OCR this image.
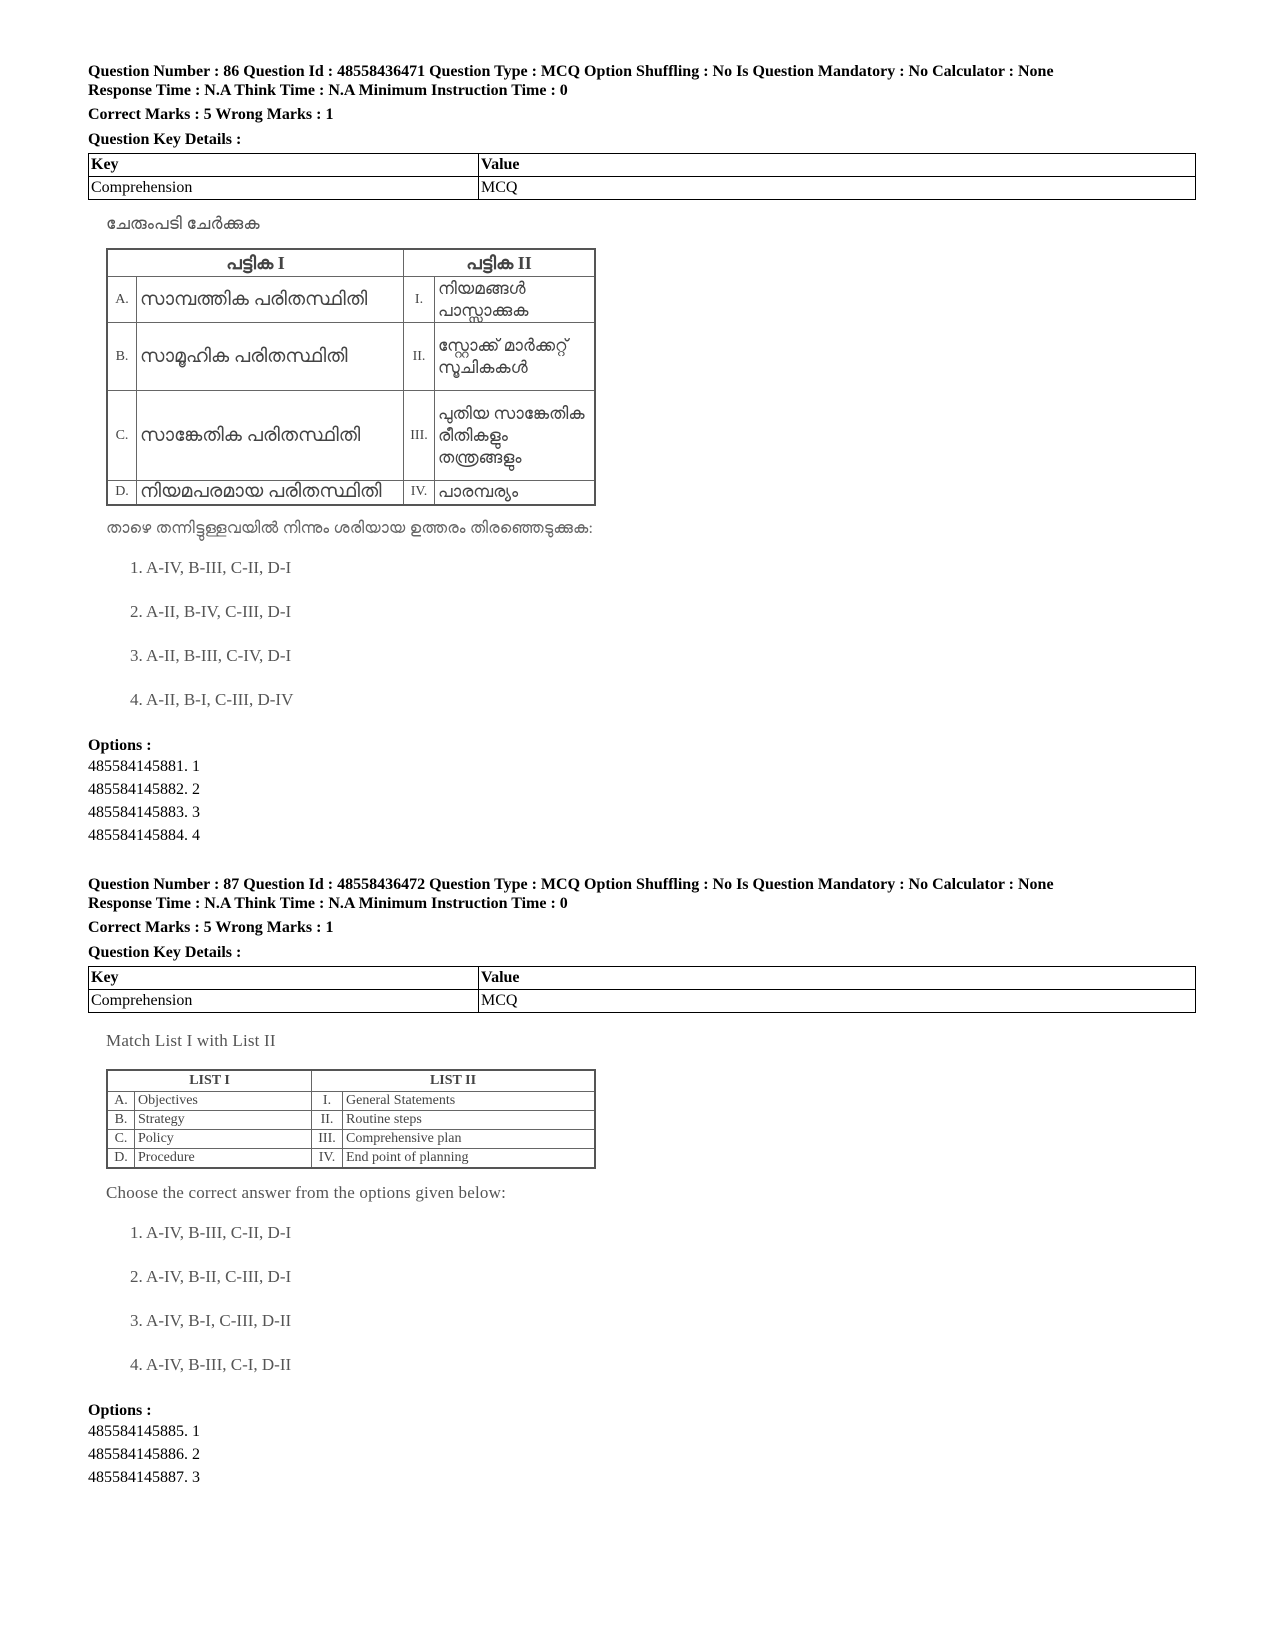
Question Number : 86 Question Id : 48558436471 Question Type : MCQ Option Shuffling : No Is Question Mandatory : No Calculator : None
Response Time : N.A Think Time : N.A Minimum Instruction Time : 0
Correct Marks : 5 Wrong Marks : 1
Question Key Details :
Key	Value
Comprehension	MCQ
ചേരുംപടി ചേർക്കുക
പട്ടിക I		പട്ടിക II	
A.	സാമ്പത്തിക പരിതസ്ഥിതി	I.	നിയമങ്ങൾ പാസ്സാക്കുക
B.	സാമൂഹിക പരിതസ്ഥിതി	II.	സ്റ്റോക്ക് മാർക്കറ്റ് സൂചികകൾ
C.	സാങ്കേതിക പരിതസ്ഥിതി	III.	പുതിയ സാങ്കേതിക രീതികളും തന്ത്രങ്ങളും
D.	നിയമപരമായ പരിതസ്ഥിതി	IV.	പാരമ്പര്യം
താഴെ തന്നിട്ടുള്ളവയിൽ നിന്നും ശരിയായ ഉത്തരം തിരഞ്ഞെടുക്കുക:
1. A-IV, B-III, C-II, D-I
2. A-II, B-IV, C-III, D-I
3. A-II, B-III, C-IV, D-I
4. A-II, B-I, C-III, D-IV
Options :
485584145881. 1
485584145882. 2
485584145883. 3
485584145884. 4
Question Number : 87 Question Id : 48558436472 Question Type : MCQ Option Shuffling : No Is Question Mandatory : No Calculator : None
Response Time : N.A Think Time : N.A Minimum Instruction Time : 0
Correct Marks : 5 Wrong Marks : 1
Question Key Details :
Key	Value
Comprehension	MCQ
Match List I with List II
LIST I		LIST II	
A.	Objectives	I.	General Statements
B.	Strategy	II.	Routine steps
C.	Policy	III.	Comprehensive plan
D.	Procedure	IV.	End point of planning
Choose the correct answer from the options given below:
1. A-IV, B-III, C-II, D-I
2. A-IV, B-II, C-III, D-I
3. A-IV, B-I, C-III, D-II
4. A-IV, B-III, C-I, D-II
Options :
485584145885. 1
485584145886. 2
485584145887. 3
